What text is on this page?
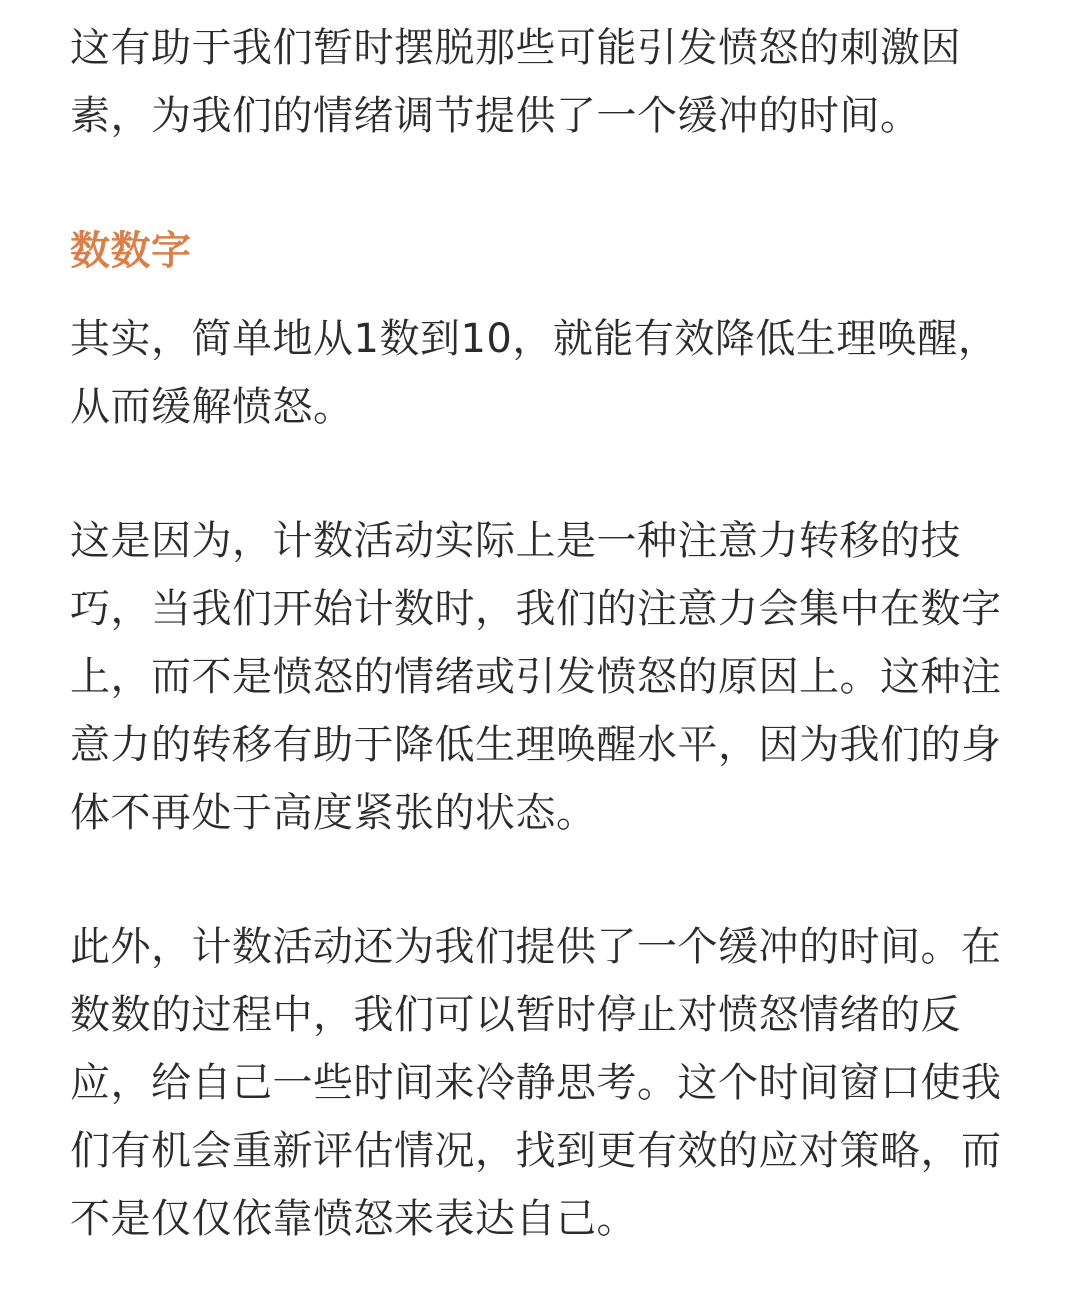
这有助于我们暂时摆脱那些可能引发愤怒的刺激因素，为我们的情绪调节提供了一个缓冲的时间。

数数字

其实，简单地从1数到10，就能有效降低生理唤醒，从而缓解愤怒。

这是因为，计数活动实际上是一种注意力转移的技巧，当我们开始计数时，我们的注意力会集中在数字上，而不是愤怒的情绪或引发愤怒的原因上。这种注意力的转移有助于降低生理唤醒水平，因为我们的身体不再处于高度紧张的状态。

此外，计数活动还为我们提供了一个缓冲的时间。在数数的过程中，我们可以暂时停止对愤怒情绪的反应，给自己一些时间来冷静思考。这个时间窗口使我们有机会重新评估情况，找到更有效的应对策略，而不是仅仅依靠愤怒来表达自己。
